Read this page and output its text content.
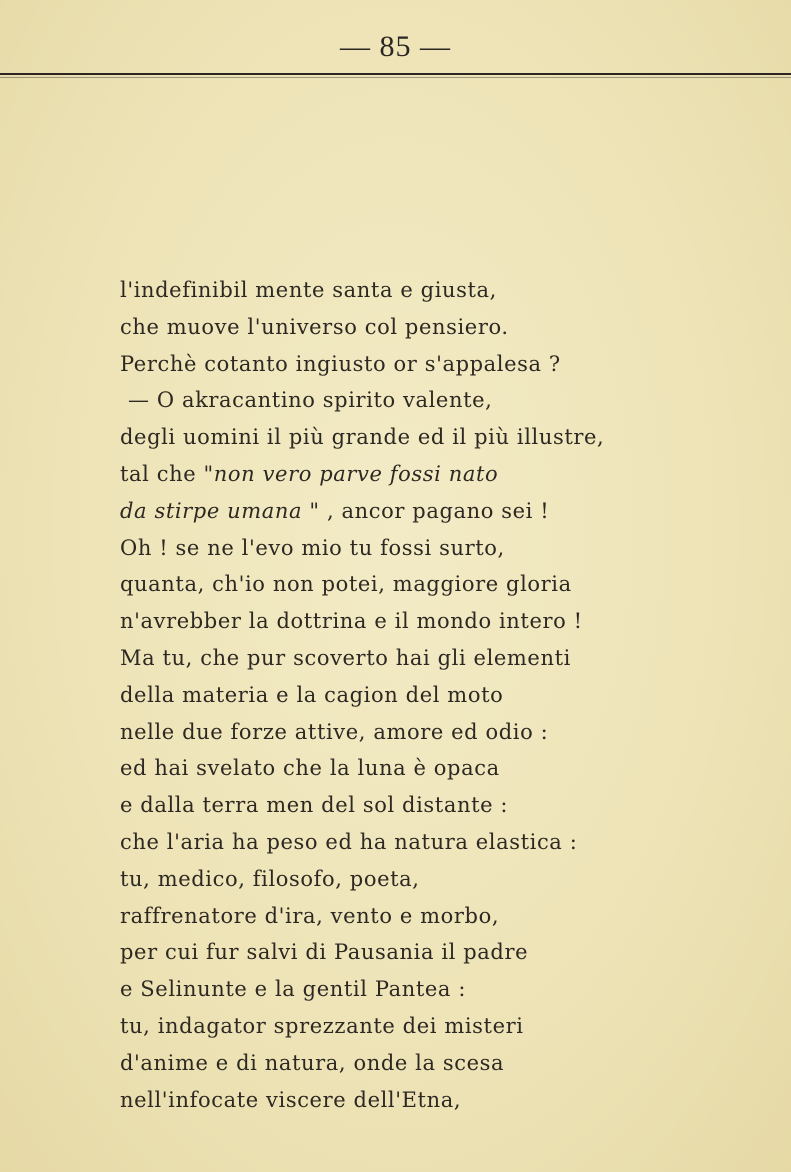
— 85 —
l'indefinibil mente santa e giusta,
che muove l'universo col pensiero.
Perchè cotanto ingiusto or s'appalesa ?
— O akracantino spirito valente,
degli uomini il più grande ed il più illustre,
tal che "non vero parve fossi nato
da stirpe umana " , ancor pagano sei !
Oh ! se ne l'evo mio tu fossi surto,
quanta, ch'io non potei, maggiore gloria
n'avrebber la dottrina e il mondo intero !
Ma tu, che pur scoverto hai gli elementi
della materia e la cagion del moto
nelle due forze attive, amore ed odio :
ed hai svelato che la luna è opaca
e dalla terra men del sol distante :
che l'aria ha peso ed ha natura elastica :
tu, medico, filosofo, poeta,
raffrenatore d'ira, vento e morbo,
per cui fur salvi di Pausania il padre
e Selinunte e la gentil Pantea :
tu, indagator sprezzante dei misteri
d'anime e di natura, onde la scesa
nell'infocate viscere dell'Etna,
